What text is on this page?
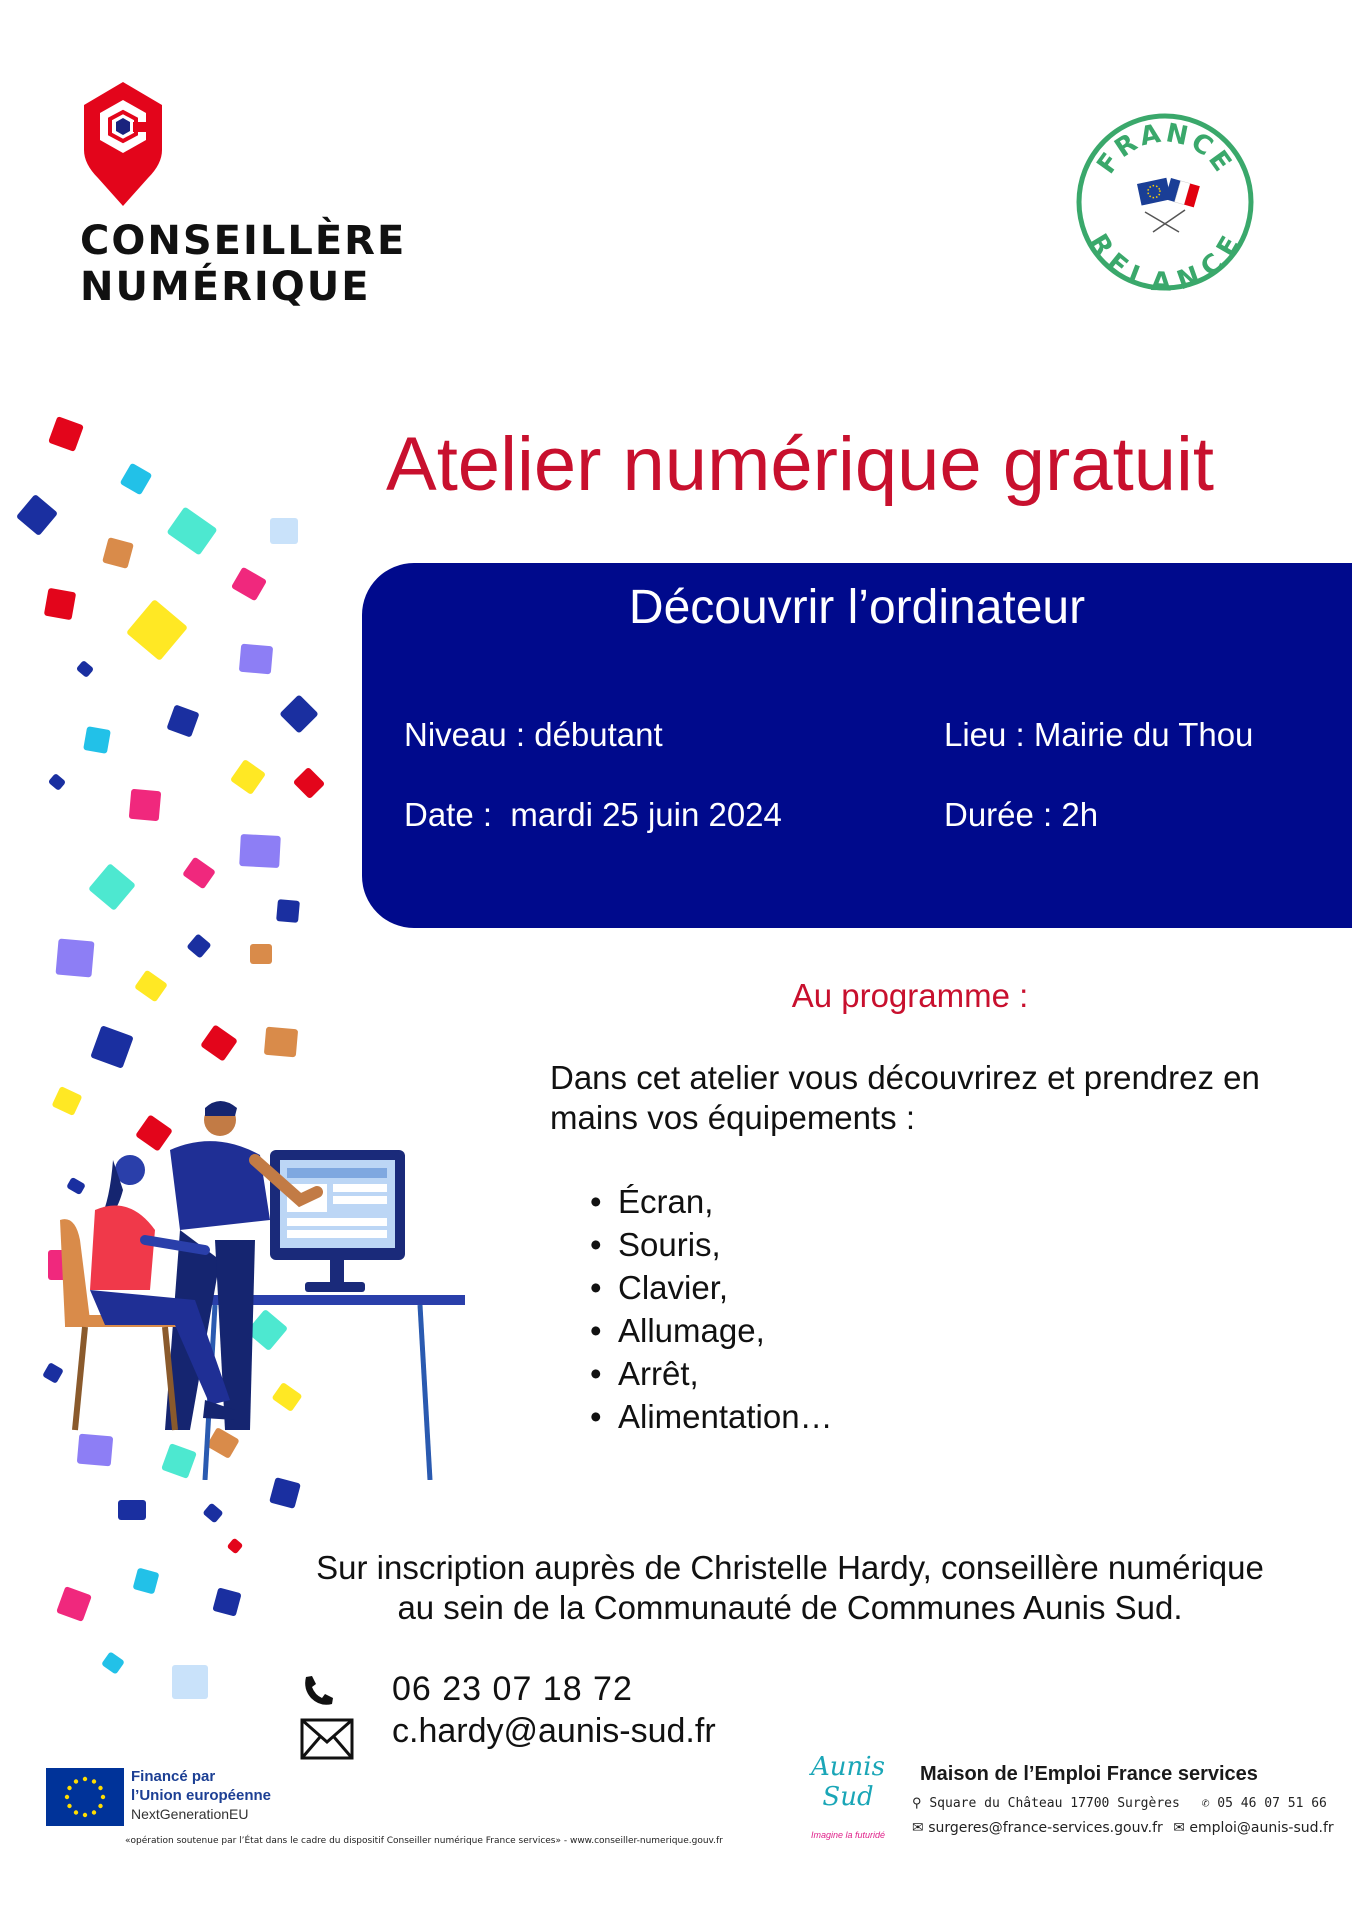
CONSEILLÈRE
NUMÉRIQUE
FRANCE
RELANCE
Atelier numérique gratuit
Découvrir l’ordinateur
Niveau : débutant	Lieu : Mairie du Thou
Date :  mardi 25 juin 2024	Durée : 2h
Au programme :
Dans cet atelier vous découvrirez et prendrez en mains vos équipements :
• Écran,
• Souris,
• Clavier,
• Allumage,
• Arrêt,
• Alimentation…
Sur inscription auprès de Christelle Hardy, conseillère numérique
au sein de la Communauté de Communes Aunis Sud.
06 23 07 18 72
c.hardy@aunis-sud.fr
Financé par
l’Union européenne
NextGenerationEU
«opération soutenue par l’État dans le cadre du dispositif Conseiller numérique France services» - www.conseiller-numerique.gouv.fr
Aunis Sud
Imagine la futuridé
Maison de l’Emploi France services
⚲ Square du Château 17700 Surgères ✆ 05 46 07 51 66
✉ surgeres@france-services.gouv.fr ✉ emploi@aunis-sud.fr
